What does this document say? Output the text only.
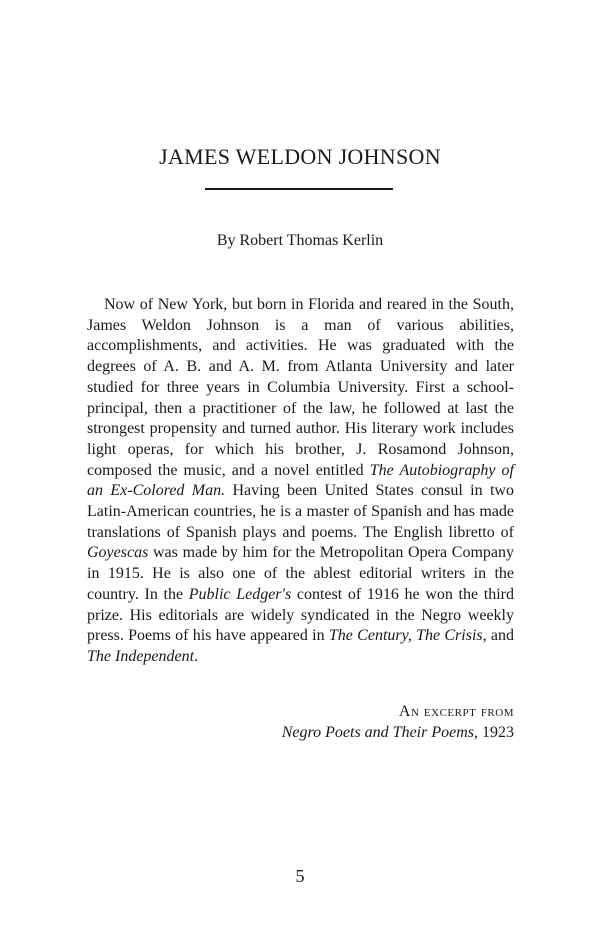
JAMES WELDON JOHNSON
By Robert Thomas Kerlin

Now of New York, but born in Florida and reared in the South, James Weldon Johnson is a man of various abilities, accomplishments, and activities. He was graduated with the degrees of A. B. and A. M. from Atlanta University and later studied for three years in Columbia University. First a school-principal, then a practitioner of the law, he followed at last the strongest propensity and turned author. His literary work includes light operas, for which his brother, J. Rosamond Johnson, composed the music, and a novel entitled The Autobiography of an Ex-Colored Man. Having been United States consul in two Latin-American countries, he is a master of Spanish and has made translations of Spanish plays and poems. The English libretto of Goyescas was made by him for the Metropolitan Opera Company in 1915. He is also one of the ablest editorial writers in the country. In the Public Ledger's contest of 1916 he won the third prize. His editorials are widely syndicated in the Negro weekly press. Poems of his have appeared in The Century, The Crisis, and The Independent.

An excerpt from
Negro Poets and Their Poems, 1923
5
